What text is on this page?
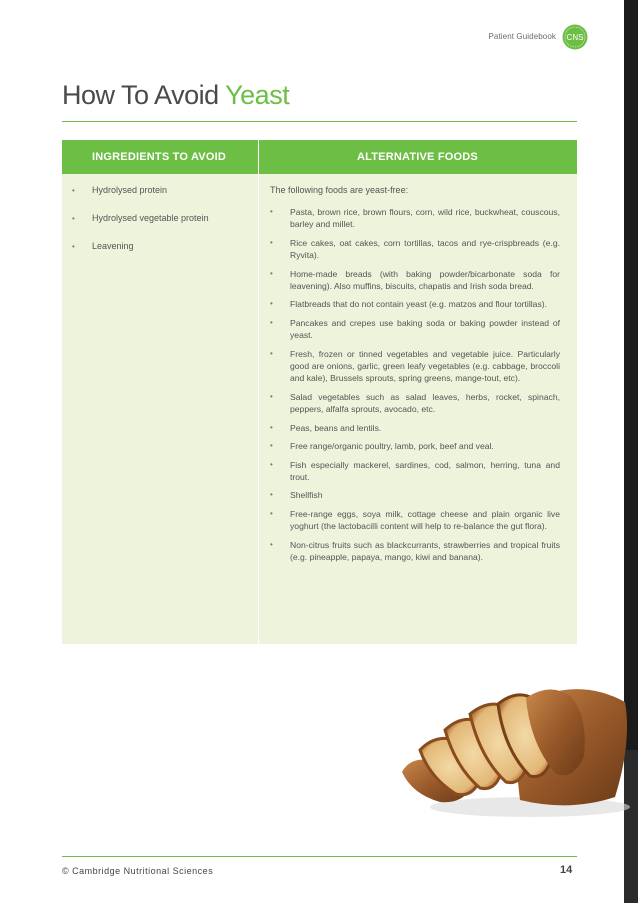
Patient Guidebook CNS
How To Avoid Yeast
INGREDIENTS TO AVOID	ALTERNATIVE FOODS
• Hydrolysed protein
• Hydrolysed vegetable protein
• Leavening
The following foods are yeast-free:
• Pasta, brown rice, brown flours, corn, wild rice, buckwheat, couscous, barley and millet.
• Rice cakes, oat cakes, corn tortillas, tacos and rye-crispbreads (e.g. Ryvita).
• Home-made breads (with baking powder/bicarbonate soda for leavening). Also muffins, biscuits, chapatis and Irish soda bread.
• Flatbreads that do not contain yeast (e.g. matzos and flour tortillas).
• Pancakes and crepes use baking soda or baking powder instead of yeast.
• Fresh, frozen or tinned vegetables and vegetable juice. Particularly good are onions, garlic, green leafy vegetables (e.g. cabbage, broccoli and kale), Brussels sprouts, spring greens, mange-tout, etc).
• Salad vegetables such as salad leaves, herbs, rocket, spinach, peppers, alfalfa sprouts, avocado, etc.
• Peas, beans and lentils.
• Free range/organic poultry, lamb, pork, beef and veal.
• Fish especially mackerel, sardines, cod, salmon, herring, tuna and trout.
• Shellfish
• Free-range eggs, soya milk, cottage cheese and plain organic live yoghurt (the lactobacilli content will help to re-balance the gut flora).
• Non-citrus fruits such as blackcurrants, strawberries and tropical fruits (e.g. pineapple, papaya, mango, kiwi and banana).
© Cambridge Nutritional Sciences	14
